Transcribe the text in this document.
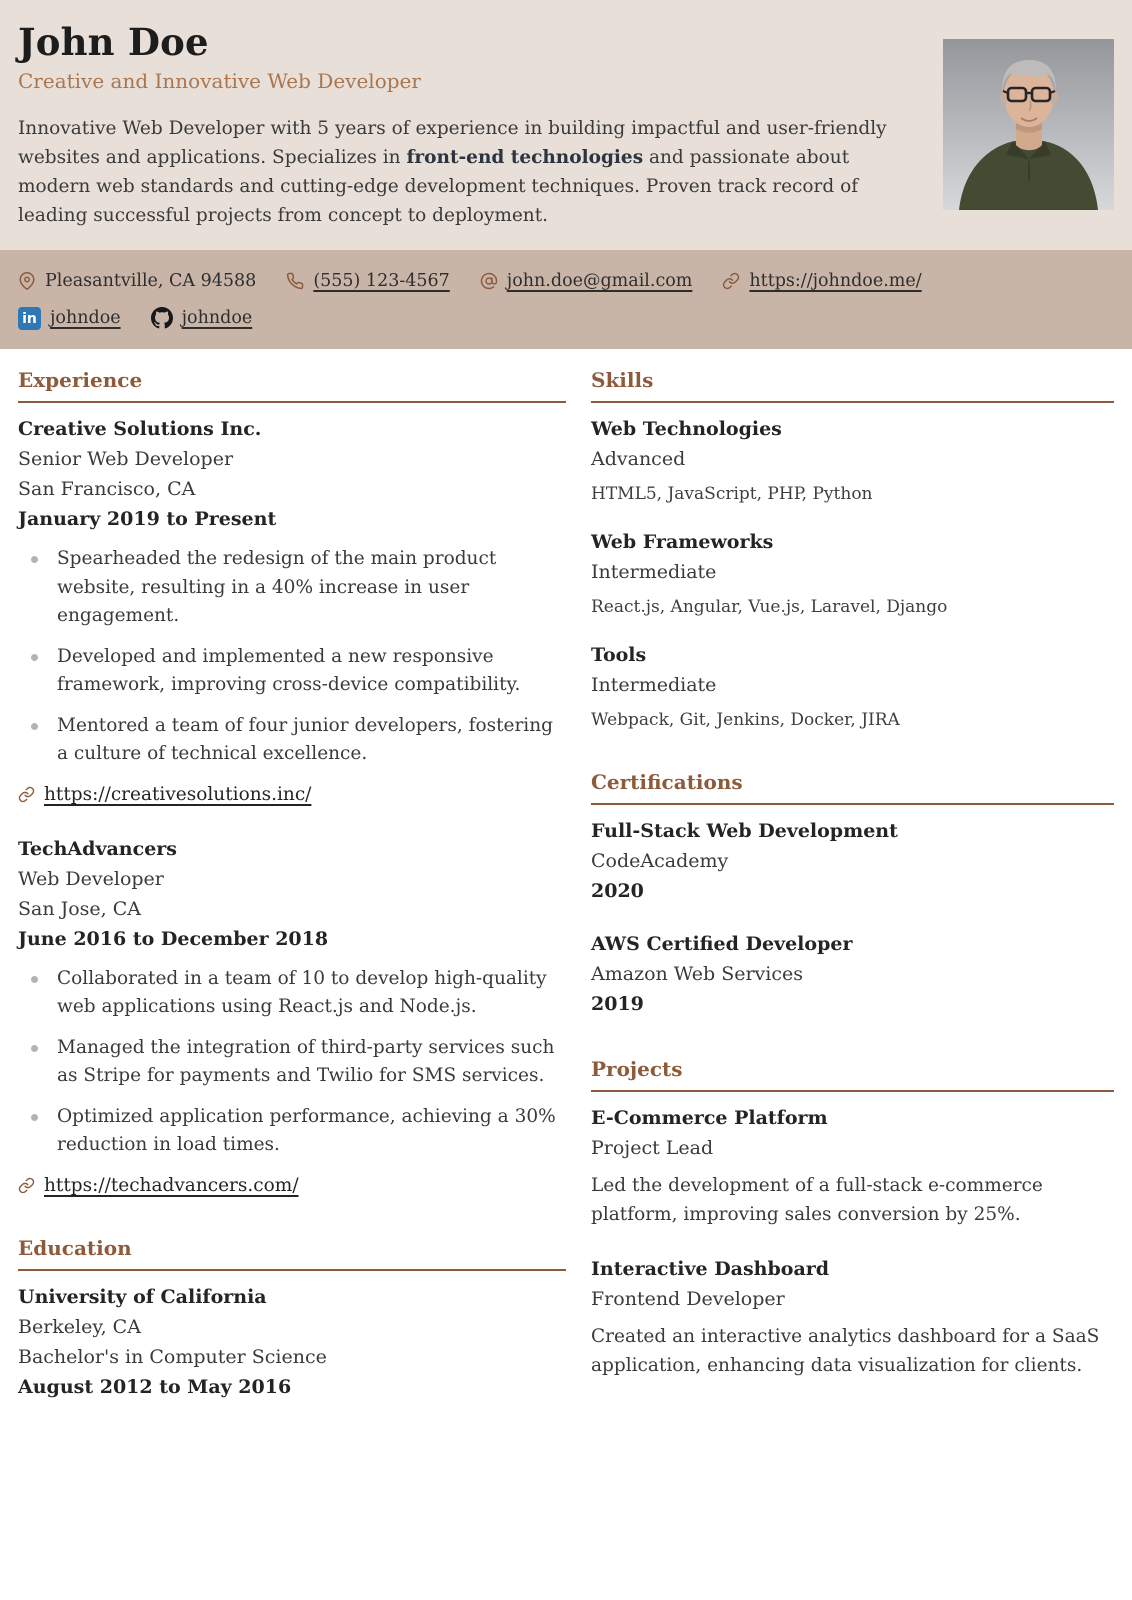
John Doe
Creative and Innovative Web Developer

Innovative Web Developer with 5 years of experience in building impactful and user-friendly websites and applications. Specializes in front-end technologies and passionate about modern web standards and cutting-edge development techniques. Proven track record of leading successful projects from concept to deployment.

Pleasantville, CA 94588	(555) 123-4567	john.doe@gmail.com	https://johndoe.me/
in johndoe	johndoe
Experience
Creative Solutions Inc.
Senior Web Developer
San Francisco, CA
January 2019 to Present
Spearheaded the redesign of the main product website, resulting in a 40% increase in user engagement.
Developed and implemented a new responsive framework, improving cross-device compatibility.
Mentored a team of four junior developers, fostering a culture of technical excellence.
https://creativesolutions.inc/
TechAdvancers
Web Developer
San Jose, CA
June 2016 to December 2018
Collaborated in a team of 10 to develop high-quality web applications using React.js and Node.js.
Managed the integration of third-party services such as Stripe for payments and Twilio for SMS services.
Optimized application performance, achieving a 30% reduction in load times.
https://techadvancers.com/
Education
University of California
Berkeley, CA
Bachelor's in Computer Science
August 2012 to May 2016
Skills
Web Technologies
Advanced
HTML5, JavaScript, PHP, Python
Web Frameworks
Intermediate
React.js, Angular, Vue.js, Laravel, Django
Tools
Intermediate
Webpack, Git, Jenkins, Docker, JIRA
Certifications
Full-Stack Web Development
CodeAcademy
2020
AWS Certified Developer
Amazon Web Services
2019
Projects
E-Commerce Platform
Project Lead

Led the development of a full-stack e-commerce platform, improving sales conversion by 25%.

Interactive Dashboard
Frontend Developer

Created an interactive analytics dashboard for a SaaS application, enhancing data visualization for clients.
